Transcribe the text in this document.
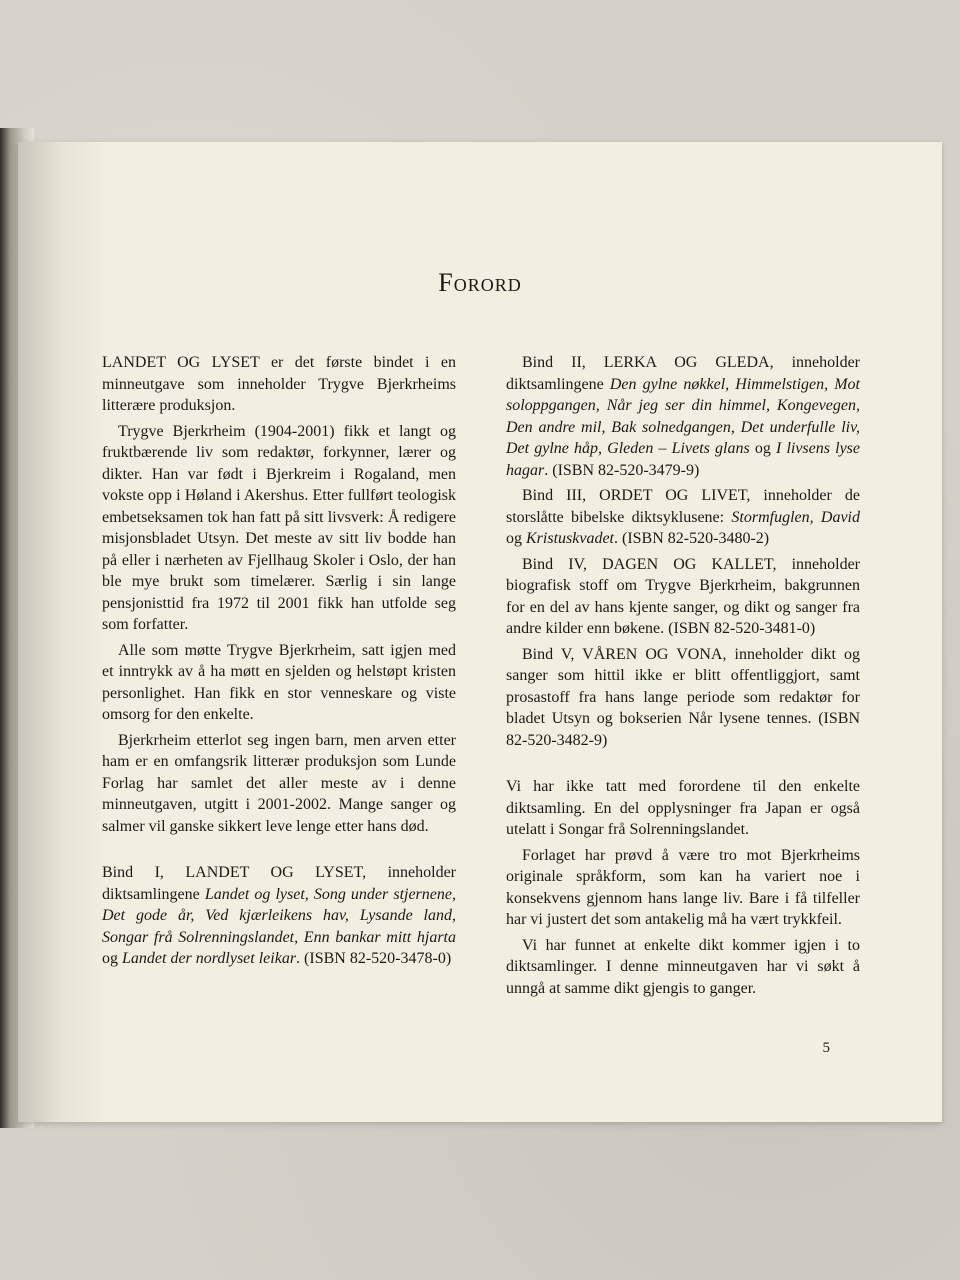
Forord

LANDET OG LYSET er det første bindet i en minneutgave som inneholder Trygve Bjerkrheims litterære produksjon.

Trygve Bjerkrheim (1904-2001) fikk et langt og fruktbærende liv som redaktør, forkynner, lærer og dikter. Han var født i Bjerkreim i Rogaland, men vokste opp i Høland i Akershus. Etter fullført teologisk embetseksamen tok han fatt på sitt livsverk: Å redigere misjonsbladet Utsyn. Det meste av sitt liv bodde han på eller i nærheten av Fjellhaug Skoler i Oslo, der han ble mye brukt som timelærer. Særlig i sin lange pensjonisttid fra 1972 til 2001 fikk han utfolde seg som forfatter.

Alle som møtte Trygve Bjerkrheim, satt igjen med et inntrykk av å ha møtt en sjelden og helstøpt kristen personlighet. Han fikk en stor venneskare og viste omsorg for den enkelte.

Bjerkrheim etterlot seg ingen barn, men arven etter ham er en omfangsrik litterær produksjon som Lunde Forlag har samlet det aller meste av i denne minneutgaven, utgitt i 2001-2002. Mange sanger og salmer vil ganske sikkert leve lenge etter hans død.

Bind I, LANDET OG LYSET, inneholder diktsamlingene Landet og lyset, Song under stjernene, Det gode år, Ved kjærleikens hav, Lysande land, Songar frå Solrenningslandet, Enn bankar mitt hjarta og Landet der nordlyset leikar. (ISBN 82-520-3478-0)

Bind II, LERKA OG GLEDA, inneholder diktsamlingene Den gylne nøkkel, Himmelstigen, Mot soloppgangen, Når jeg ser din himmel, Kongevegen, Den andre mil, Bak solnedgangen, Det underfulle liv, Det gylne håp, Gleden – Livets glans og I livsens lyse hagar. (ISBN 82-520-3479-9)

Bind III, ORDET OG LIVET, inneholder de storslåtte bibelske diktsyklusene: Stormfuglen, David og Kristuskvadet. (ISBN 82-520-3480-2)

Bind IV, DAGEN OG KALLET, inneholder biografisk stoff om Trygve Bjerkrheim, bakgrunnen for en del av hans kjente sanger, og dikt og sanger fra andre kilder enn bøkene. (ISBN 82-520-3481-0)

Bind V, VÅREN OG VONA, inneholder dikt og sanger som hittil ikke er blitt offentliggjort, samt prosastoff fra hans lange periode som redaktør for bladet Utsyn og bokserien Når lysene tennes. (ISBN 82-520-3482-9)

Vi har ikke tatt med forordene til den enkelte diktsamling. En del opplysninger fra Japan er også utelatt i Songar frå Solrenningslandet.

Forlaget har prøvd å være tro mot Bjerkrheims originale språkform, som kan ha variert noe i konsekvens gjennom hans lange liv. Bare i få tilfeller har vi justert det som antakelig må ha vært trykkfeil.

Vi har funnet at enkelte dikt kommer igjen i to diktsamlinger. I denne minneutgaven har vi søkt å unngå at samme dikt gjengis to ganger.

5
